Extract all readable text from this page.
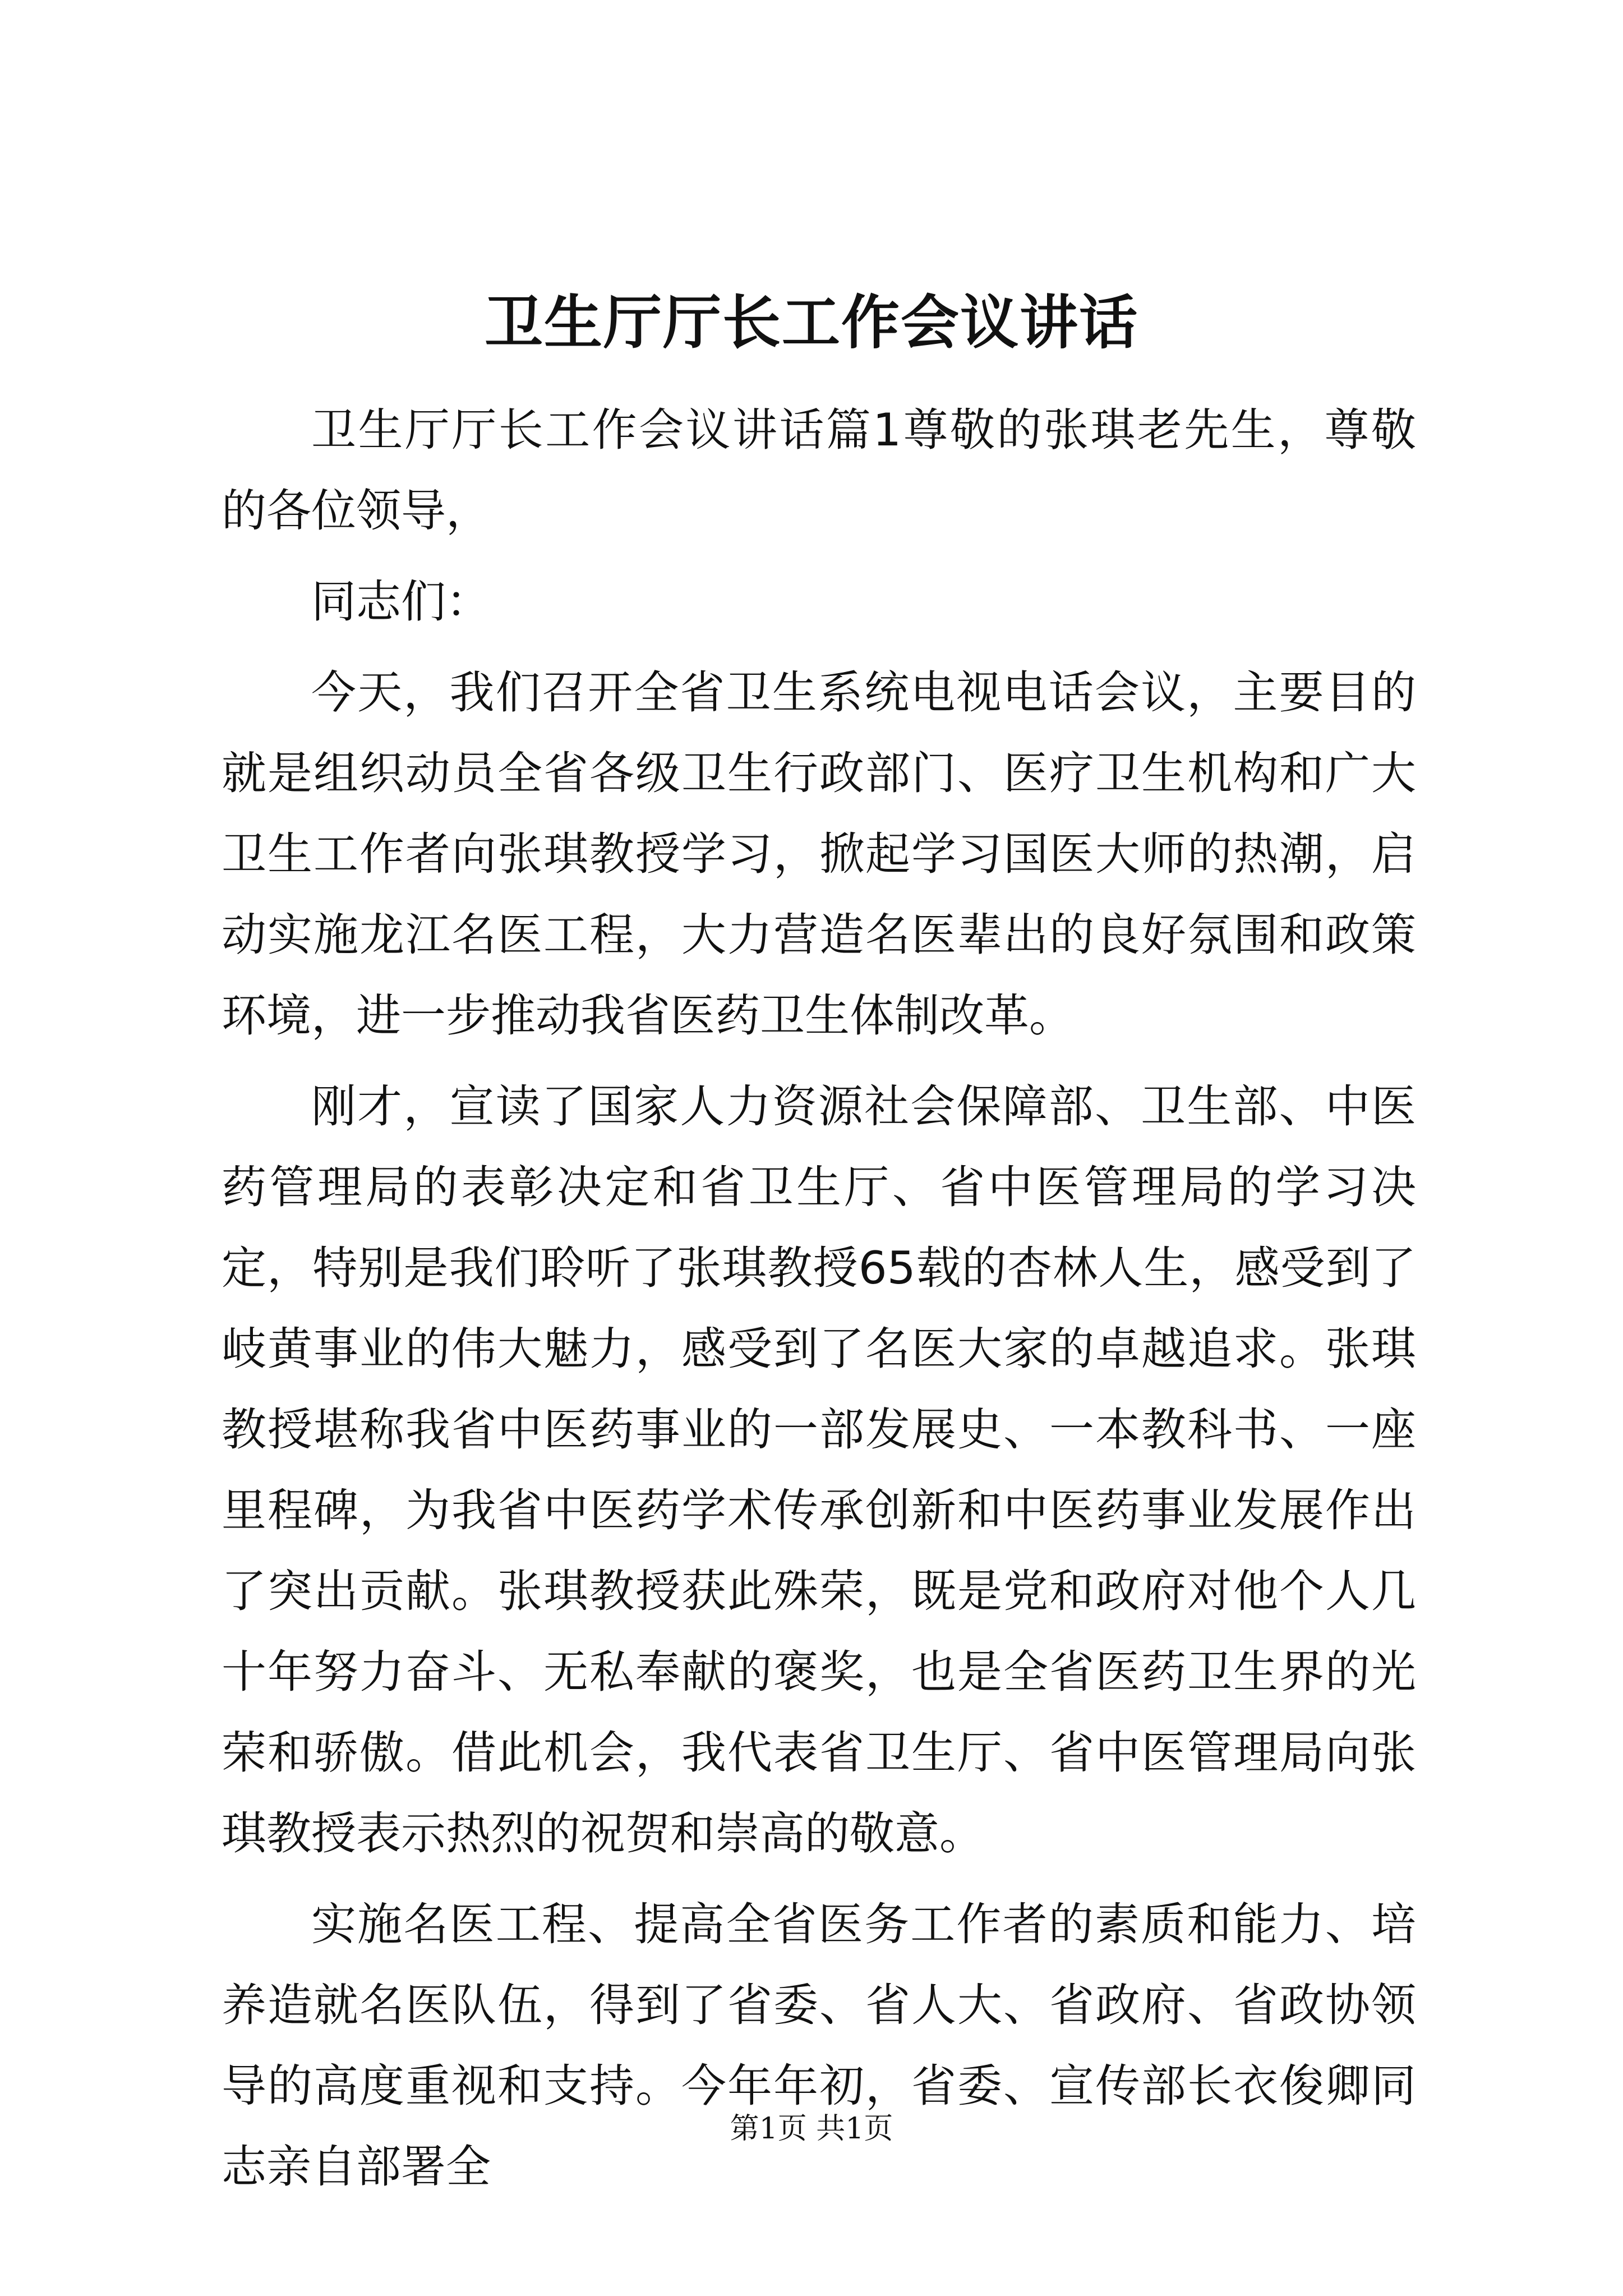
卫生厅厅长工作会议讲话

卫生厅厅长工作会议讲话篇1尊敬的张琪老先生，尊敬的各位领导，

同志们：

今天，我们召开全省卫生系统电视电话会议，主要目的就是组织动员全省各级卫生行政部门、医疗卫生机构和广大卫生工作者向张琪教授学习，掀起学习国医大师的热潮，启动实施龙江名医工程，大力营造名医辈出的良好氛围和政策环境，进一步推动我省医药卫生体制改革。

刚才，宣读了国家人力资源社会保障部、卫生部、中医药管理局的表彰决定和省卫生厅、省中医管理局的学习决定，特别是我们聆听了张琪教授65载的杏林人生，感受到了岐黄事业的伟大魅力，感受到了名医大家的卓越追求。张琪教授堪称我省中医药事业的一部发展史、一本教科书、一座里程碑，为我省中医药学术传承创新和中医药事业发展作出了突出贡献。张琪教授获此殊荣，既是党和政府对他个人几十年努力奋斗、无私奉献的褒奖，也是全省医药卫生界的光荣和骄傲。借此机会，我代表省卫生厅、省中医管理局向张琪教授表示热烈的祝贺和崇高的敬意。

实施名医工程、提高全省医务工作者的素质和能力、培养造就名医队伍，得到了省委、省人大、省政府、省政协领导的高度重视和支持。今年年初，省委、宣传部长衣俊卿同志亲自部署全

第1页 共1页
